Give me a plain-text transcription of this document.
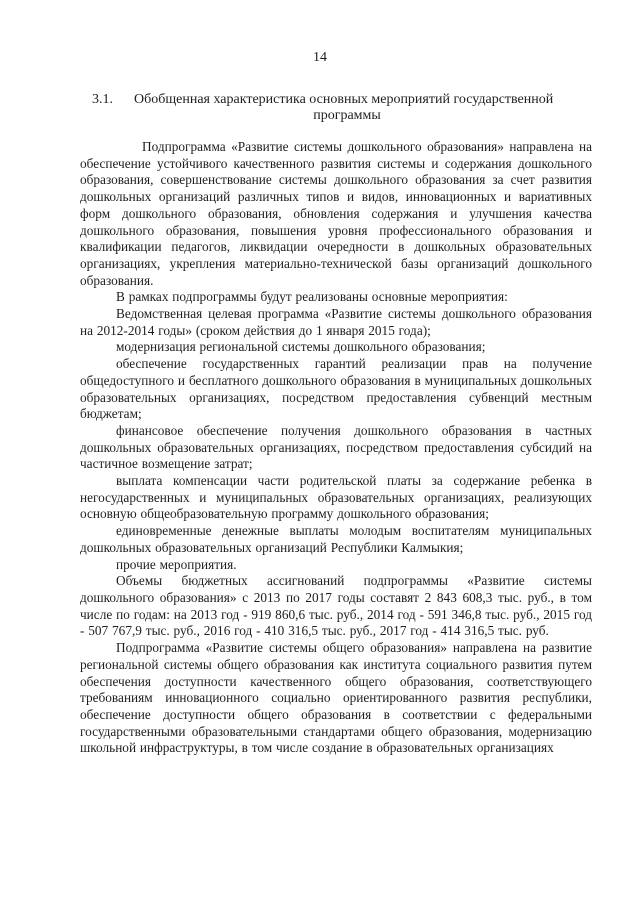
14
3.1. Обобщенная характеристика основных мероприятий государственной
программы

Подпрограмма «Развитие системы дошкольного образования» направлена на обеспечение устойчивого качественного развития системы и содержания дошкольного образования, совершенствование системы дошкольного образования за счет развития дошкольных организаций различных типов и видов, инновационных и вариативных форм дошкольного образования, обновления содержания и улучшения качества дошкольного образования, повышения уровня профессионального образования и квалификации педагогов, ликвидации очередности в дошкольных образовательных организациях, укрепления материально-технической базы организаций дошкольного образования.

В рамках подпрограммы будут реализованы основные мероприятия:

Ведомственная целевая программа «Развитие системы дошкольного образования на 2012-2014 годы» (сроком действия до 1 января 2015 года);

модернизация региональной системы дошкольного образования;

обеспечение государственных гарантий реализации прав на получение общедоступного и бесплатного дошкольного образования в муниципальных дошкольных образовательных организациях, посредством предоставления субвенций местным бюджетам;

финансовое обеспечение получения дошкольного образования в частных дошкольных образовательных организациях, посредством предоставления субсидий на частичное возмещение затрат;

выплата компенсации части родительской платы за содержание ребенка в негосударственных и муниципальных образовательных организациях, реализующих основную общеобразовательную программу дошкольного образования;

единовременные денежные выплаты молодым воспитателям муниципальных дошкольных образовательных организаций Республики Калмыкия;

прочие мероприятия.

Объемы бюджетных ассигнований подпрограммы «Развитие системы дошкольного образования» с 2013 по 2017 годы составят 2 843 608,3 тыс. руб., в том числе по годам: на 2013 год - 919 860,6 тыс. руб., 2014 год - 591 346,8 тыс. руб., 2015 год - 507 767,9 тыс. руб., 2016 год - 410 316,5 тыс. руб., 2017 год - 414 316,5 тыс. руб.

Подпрограмма «Развитие системы общего образования» направлена на развитие региональной системы общего образования как института социального развития путем обеспечения доступности качественного общего образования, соответствующего требованиям инновационного социально ориентированного развития республики, обеспечение доступности общего образования в соответствии с федеральными государственными образовательными стандартами общего образования, модернизацию школьной инфраструктуры, в том числе создание в образовательных организациях
